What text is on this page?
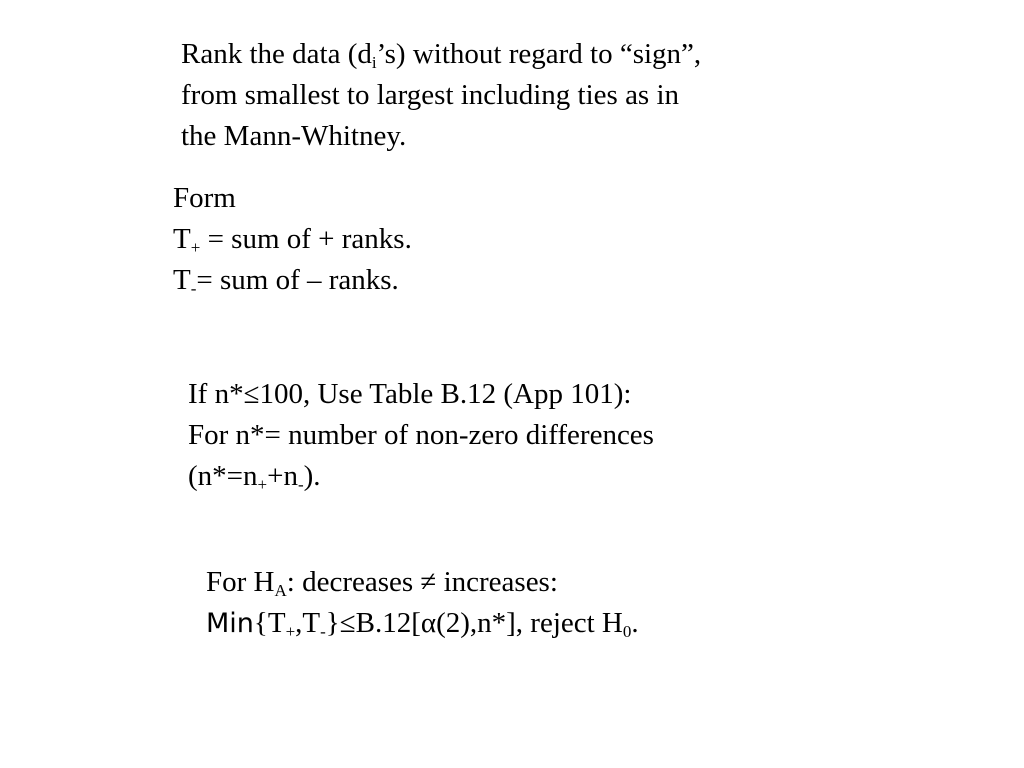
Rank the data $(d_i’s)$ without regard to “sign”,
from smallest to largest including ties as in
the Mann-Whitney.
Form
$T_+$ = sum of + ranks.
$T_-=$ sum of – ranks.
If n*≤100, Use Table B.12 (App 101):
For n*= number of non-zero differences
$(n*=n_++n_-)$.
For $H_A$: decreases ≠ increases:
$Min\{T_+,T_-\}\le B.12[\alpha(2),n*]$, reject $H_0$.
